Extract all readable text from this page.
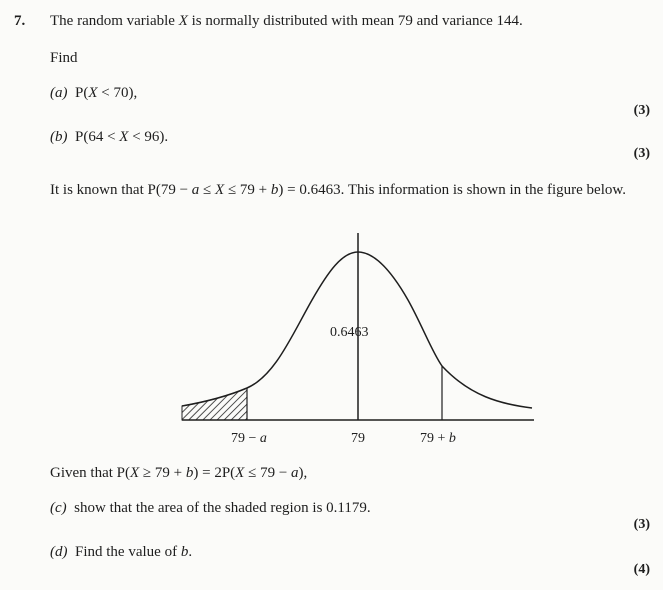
7. The random variable X is normally distributed with mean 79 and variance 144.
Find
(a) P(X < 70),
(3)
(b) P(64 < X < 96).
(3)
It is known that P(79 − a ≤ X ≤ 79 + b) = 0.6463. This information is shown in the figure below.
0.6463
79 − a	79	79 + b
Given that P(X ≥ 79 + b) = 2P(X ≤ 79 − a),
(c) show that the area of the shaded region is 0.1179.
(3)
(d) Find the value of b.
(4)
